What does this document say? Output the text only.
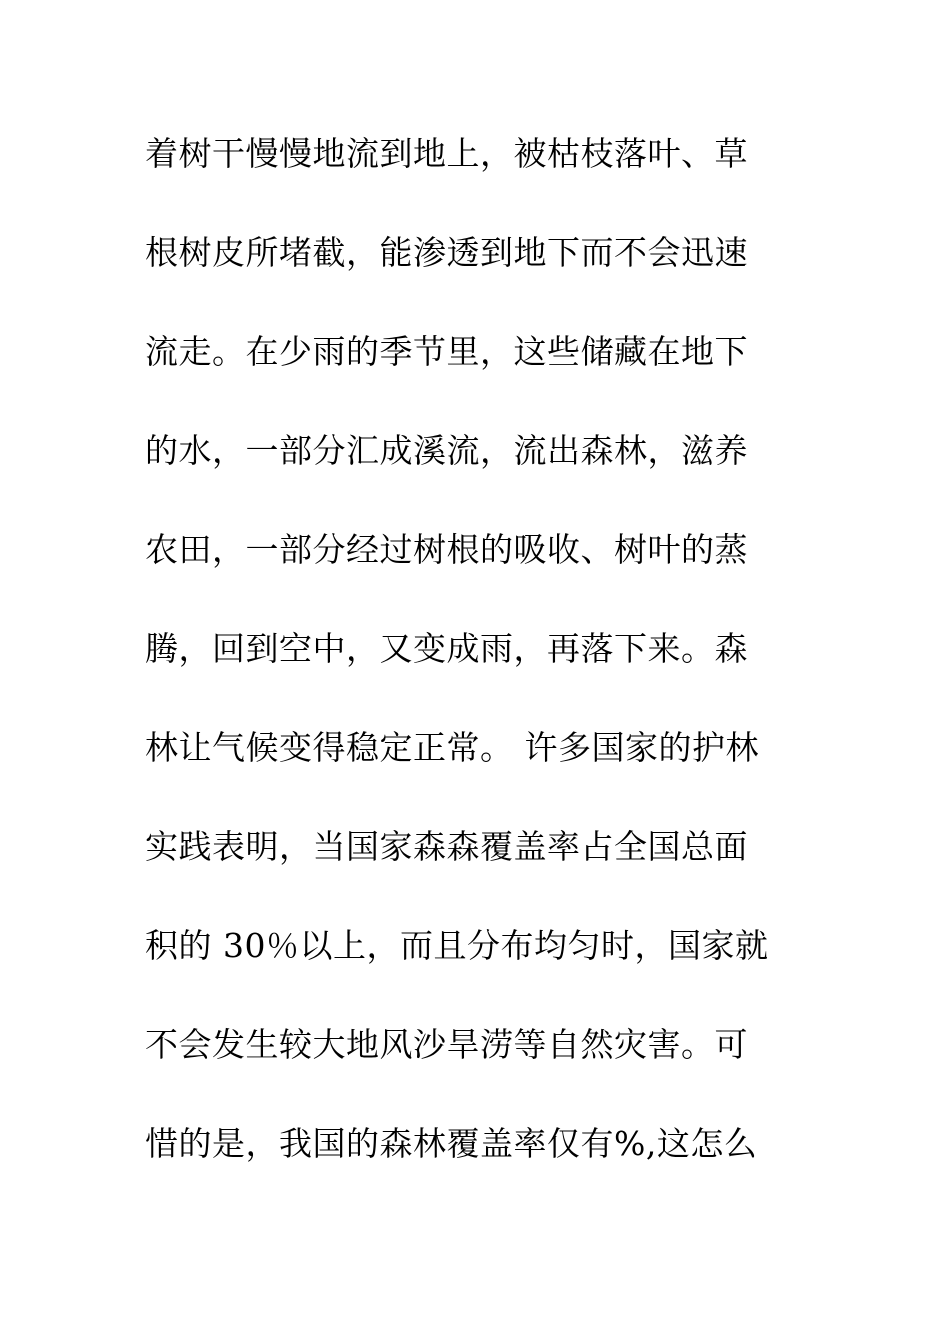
着树干慢慢地流到地上，被枯枝落叶、草
根树皮所堵截，能渗透到地下而不会迅速
流走。在少雨的季节里，这些储藏在地下
的水，一部分汇成溪流，流出森林，滋养
农田，一部分经过树根的吸收、树叶的蒸
腾，回到空中，又变成雨，再落下来。森
林让气候变得稳定正常。 许多国家的护林
实践表明，当国家森森覆盖率占全国总面
积的 30％以上，而且分布均匀时，国家就
不会发生较大地风沙旱涝等自然灾害。可
惜的是，我国的森林覆盖率仅有%,这怎么
